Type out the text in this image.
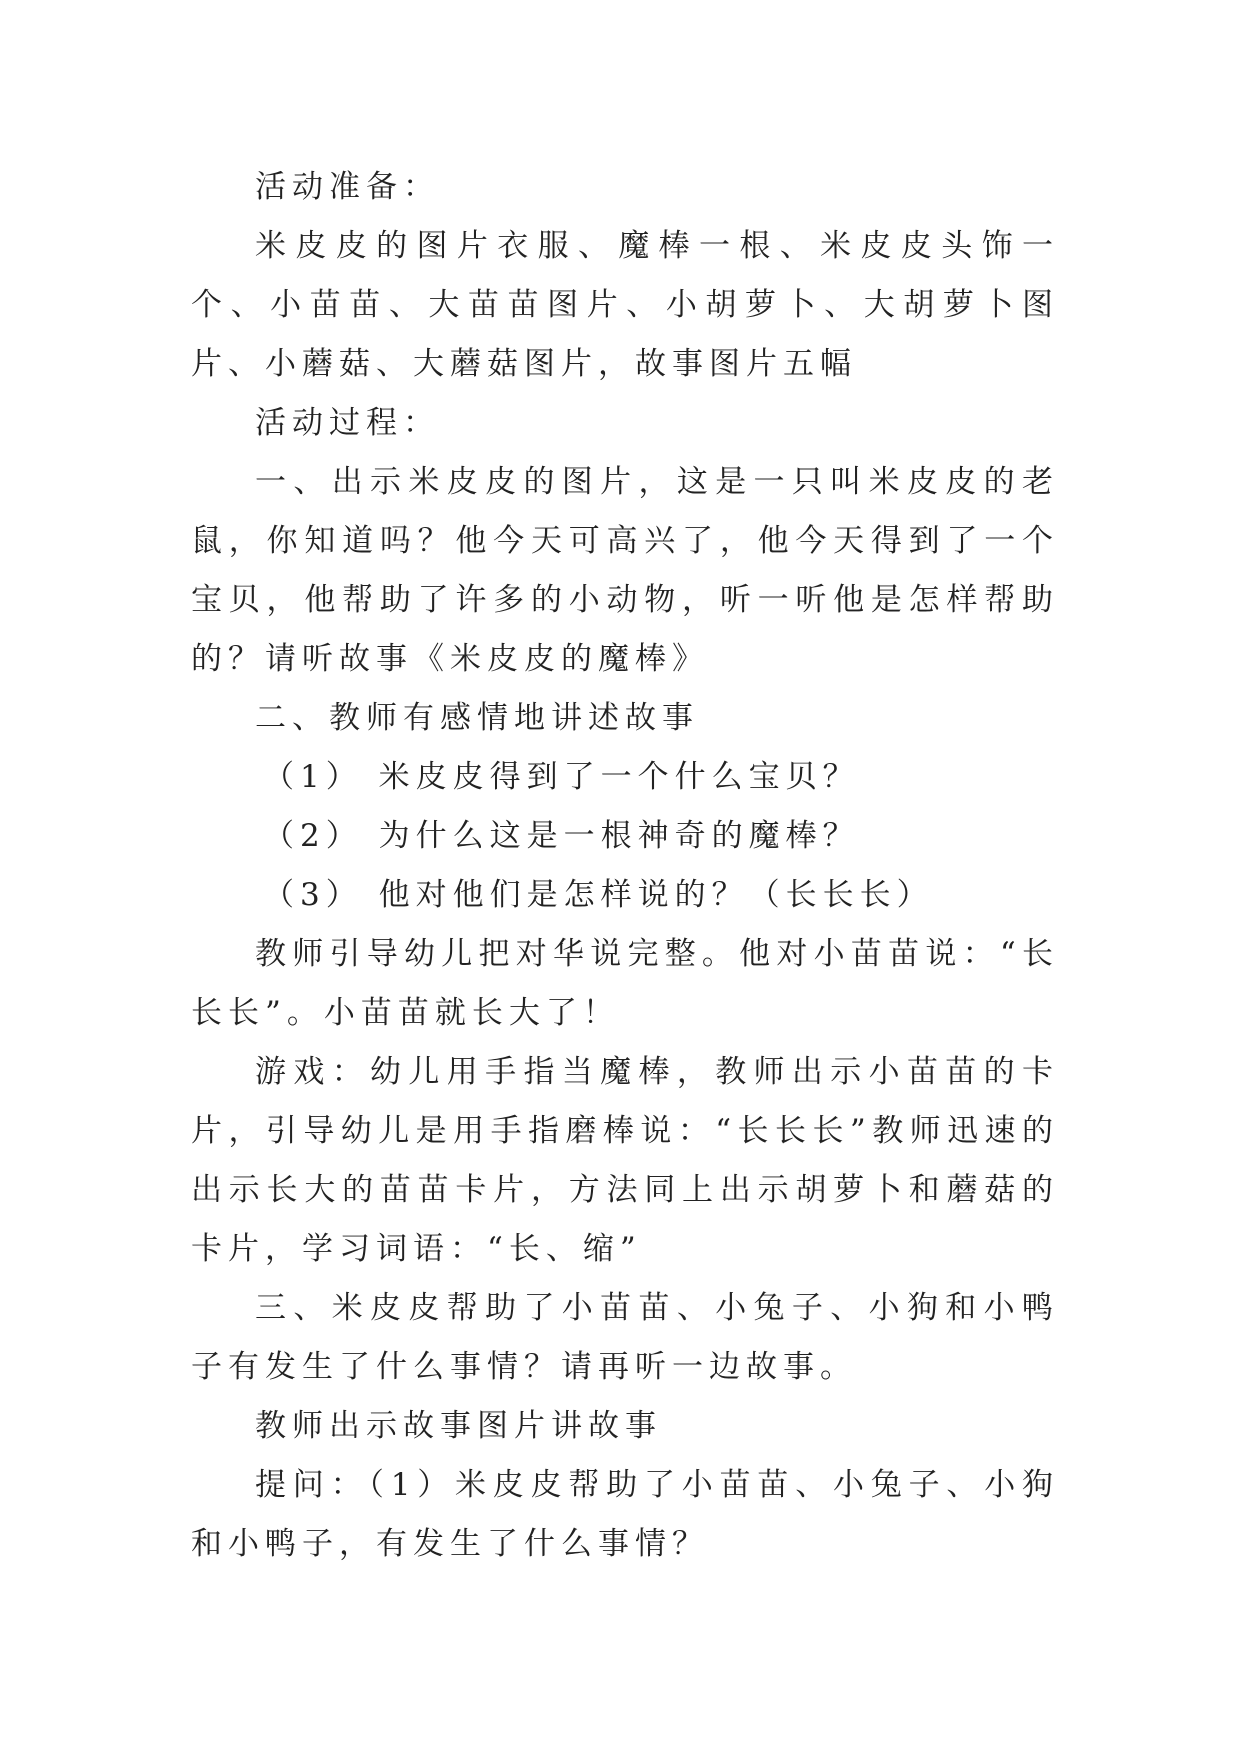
活动准备：

米皮皮的图片衣服、魔棒一根、米皮皮头饰一个、小苗苗、大苗苗图片、小胡萝卜、大胡萝卜图片、小蘑菇、大蘑菇图片，故事图片五幅

活动过程：

一、出示米皮皮的图片，这是一只叫米皮皮的老鼠，你知道吗？他今天可高兴了，他今天得到了一个宝贝，他帮助了许多的小动物，听一听他是怎样帮助的？请听故事《米皮皮的魔棒》

二、教师有感情地讲述故事

（1） 米皮皮得到了一个什么宝贝？

（2） 为什么这是一根神奇的魔棒？

（3） 他对他们是怎样说的？（长长长）

教师引导幼儿把对华说完整。他对小苗苗说：“长长长”。小苗苗就长大了！

游戏：幼儿用手指当魔棒，教师出示小苗苗的卡片，引导幼儿是用手指磨棒说：“长长长”教师迅速的出示长大的苗苗卡片，方法同上出示胡萝卜和蘑菇的卡片，学习词语：“长、缩”

三、米皮皮帮助了小苗苗、小兔子、小狗和小鸭子有发生了什么事情？请再听一边故事。

教师出示故事图片讲故事

提问：（1）米皮皮帮助了小苗苗、小兔子、小狗和小鸭子，有发生了什么事情？
